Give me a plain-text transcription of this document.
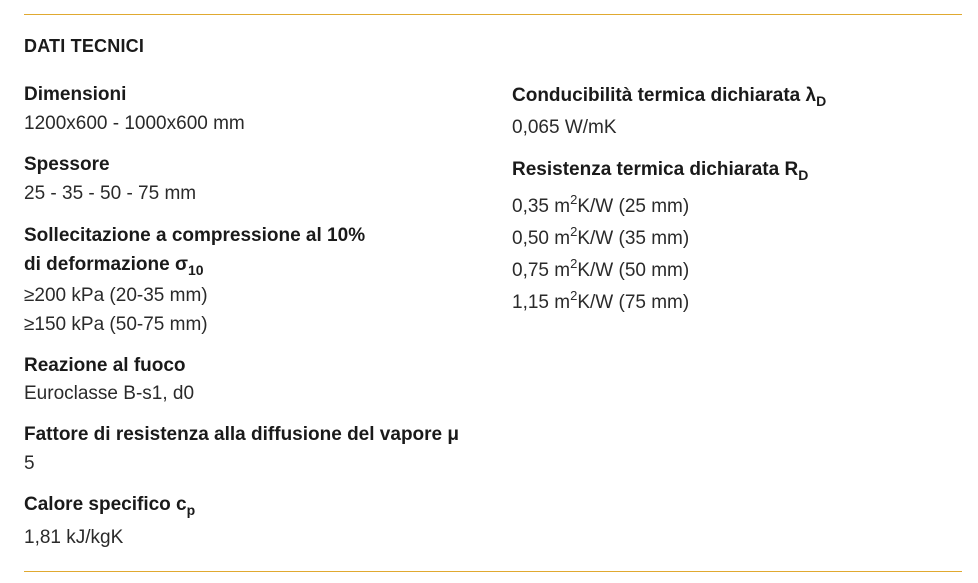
DATI TECNICI
Dimensioni
1200x600 - 1000x600 mm
Spessore
25 - 35 - 50 - 75 mm
Sollecitazione a compressione al 10%
di deformazione $\sigma_{10}$
≥200 kPa (20-35 mm)
≥150 kPa (50-75 mm)
Reazione al fuoco
Euroclasse B-s1, d0
Fattore di resistenza alla diffusione del vapore μ
5
Calore specifico $c_p$
1,81 kJ/kgK
Conducibilità termica dichiarata $\lambda_D$
0,065 W/mK
Resistenza termica dichiarata $R_D$
0,35 $m^2K/W$ (25 mm)
0,50 $m^2K/W$ (35 mm)
0,75 $m^2K/W$ (50 mm)
1,15 $m^2K/W$ (75 mm)
